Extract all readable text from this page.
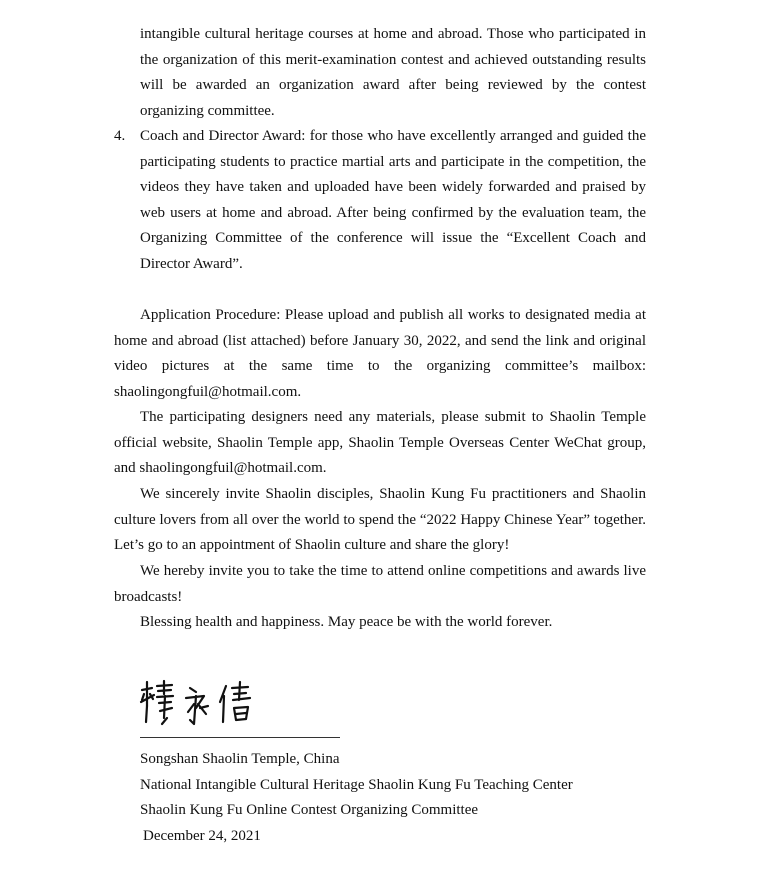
intangible cultural heritage courses at home and abroad. Those who participated in the organization of this merit-examination contest and achieved outstanding results will be awarded an organization award after being reviewed by the contest organizing committee.

4. Coach and Director Award: for those who have excellently arranged and guided the participating students to practice martial arts and participate in the competition, the videos they have taken and uploaded have been widely forwarded and praised by web users at home and abroad. After being confirmed by the evaluation team, the Organizing Committee of the conference will issue the “Excellent Coach and Director Award”.

Application Procedure: Please upload and publish all works to designated media at home and abroad (list attached) before January 30, 2022, and send the link and original video pictures at the same time to the organizing committee’s mailbox: shaolingongfuil@hotmail.com.

The participating designers need any materials, please submit to Shaolin Temple official website, Shaolin Temple app, Shaolin Temple Overseas Center WeChat group, and shaolingongfuil@hotmail.com.

We sincerely invite Shaolin disciples, Shaolin Kung Fu practitioners and Shaolin culture lovers from all over the world to spend the “2022 Happy Chinese Year” together. Let’s go to an appointment of Shaolin culture and share the glory!

We hereby invite you to take the time to attend online competitions and awards live broadcasts!

Blessing health and happiness. May peace be with the world forever.

Songshan Shaolin Temple, China
National Intangible Cultural Heritage Shaolin Kung Fu Teaching Center
Shaolin Kung Fu Online Contest Organizing Committee
December 24, 2021
